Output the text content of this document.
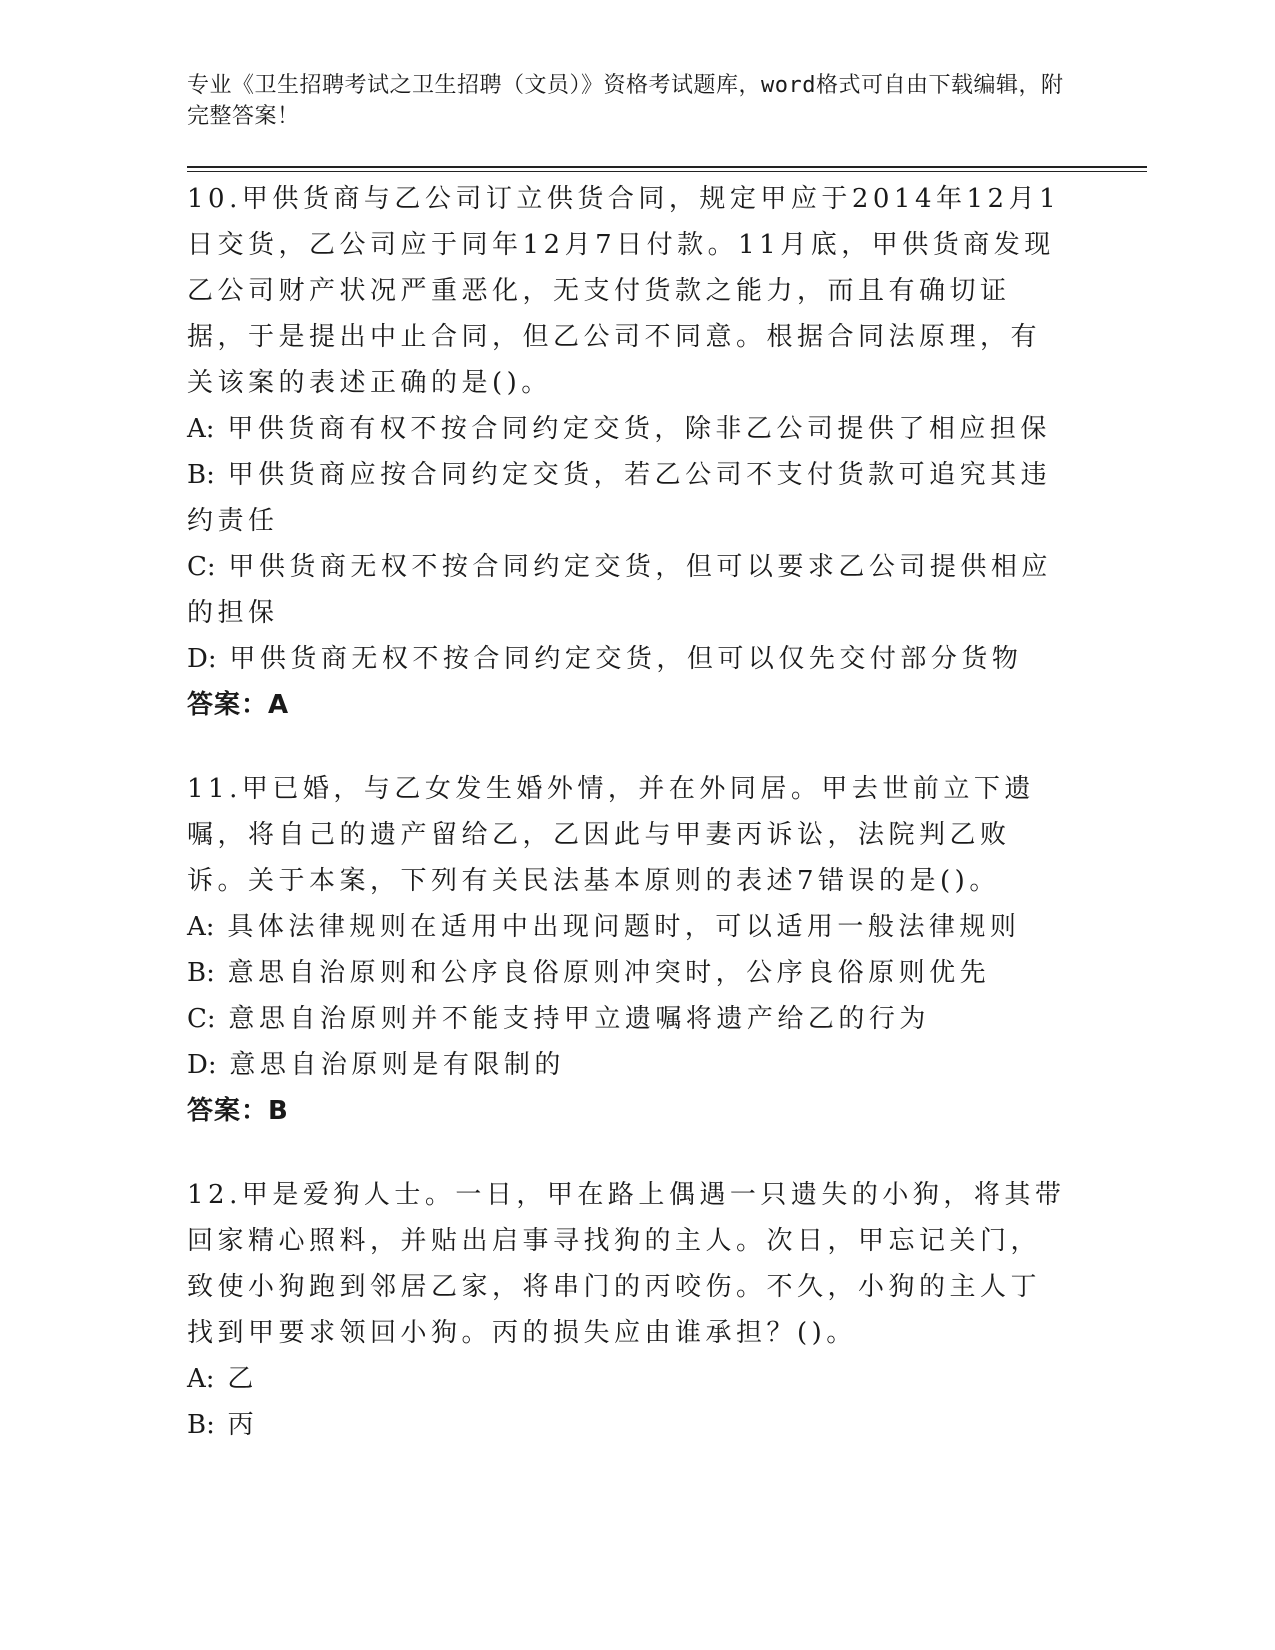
专业《卫生招聘考试之卫生招聘（文员）》资格考试题库，word格式可自由下载编辑，附完整答案！

10.甲供货商与乙公司订立供货合同，规定甲应于2014年12月1日交货，乙公司应于同年12月7日付款。11月底，甲供货商发现乙公司财产状况严重恶化，无支付货款之能力，而且有确切证据，于是提出中止合同，但乙公司不同意。根据合同法原理，有关该案的表述正确的是()。

A: 甲供货商有权不按合同约定交货，除非乙公司提供了相应担保

B: 甲供货商应按合同约定交货，若乙公司不支付货款可追究其违约责任

C: 甲供货商无权不按合同约定交货，但可以要求乙公司提供相应的担保

D: 甲供货商无权不按合同约定交货，但可以仅先交付部分货物

答案：A

11.甲已婚，与乙女发生婚外情，并在外同居。甲去世前立下遗嘱，将自己的遗产留给乙，乙因此与甲妻丙诉讼，法院判乙败诉。关于本案，下列有关民法基本原则的表述7错误的是()。

A: 具体法律规则在适用中出现问题时，可以适用一般法律规则

B: 意思自治原则和公序良俗原则冲突时，公序良俗原则优先

C: 意思自治原则并不能支持甲立遗嘱将遗产给乙的行为

D: 意思自治原则是有限制的

答案：B

12.甲是爱狗人士。一日，甲在路上偶遇一只遗失的小狗，将其带回家精心照料，并贴出启事寻找狗的主人。次日，甲忘记关门，致使小狗跑到邻居乙家，将串门的丙咬伤。不久，小狗的主人丁找到甲要求领回小狗。丙的损失应由谁承担？()。

A: 乙

B: 丙
